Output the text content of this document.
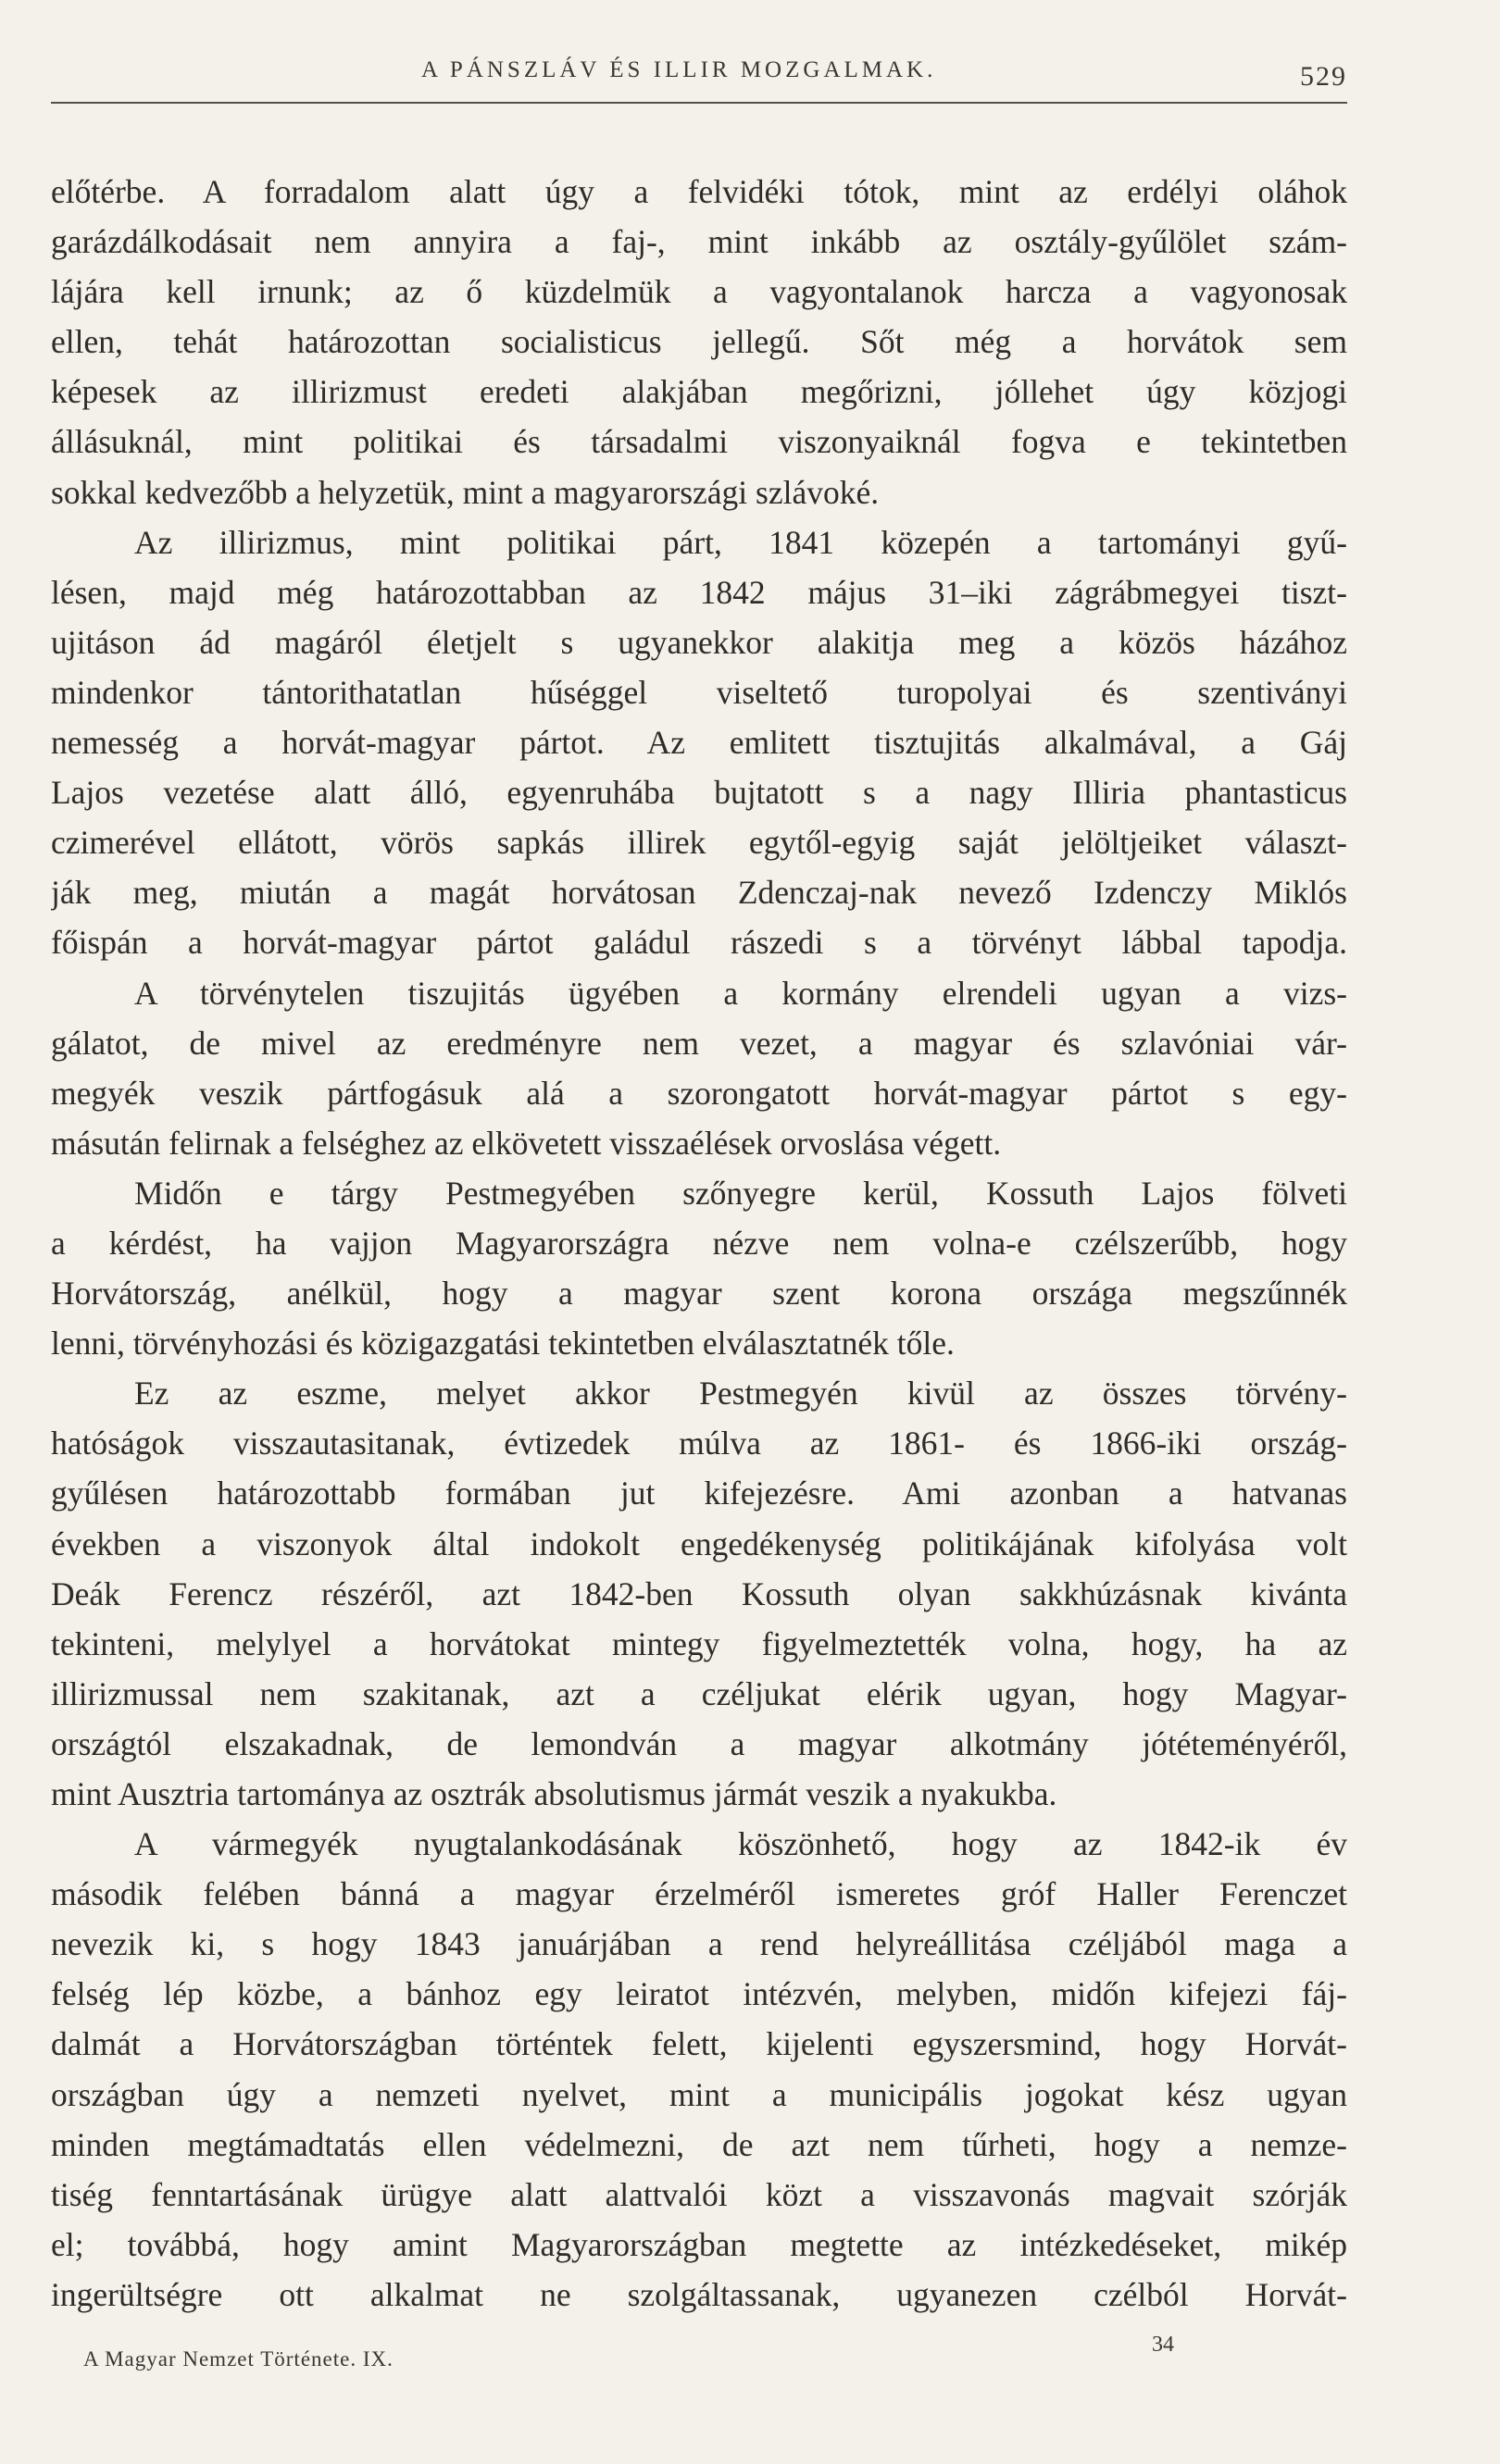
A PÁNSZLÁV ÉS ILLIR MOZGALMAK.	529
előtérbe. A forradalom alatt úgy a felvidéki tótok, mint az erdélyi oláhok
garázdálkodásait nem annyira a faj-, mint inkább az osztály-gyűlölet szám-
lájára kell irnunk; az ő küzdelmük a vagyontalanok harcza a vagyonosak
ellen, tehát határozottan socialisticus jellegű. Sőt még a horvátok sem
képesek az illirizmust eredeti alakjában megőrizni, jóllehet úgy közjogi
állásuknál, mint politikai és társadalmi viszonyaiknál fogva e tekintetben
sokkal kedvezőbb a helyzetük, mint a magyarországi szlávoké.
Az illirizmus, mint politikai párt, 1841 közepén a tartományi gyű-
lésen, majd még határozottabban az 1842 május 31–iki zágrábmegyei tiszt-
ujitáson ád magáról életjelt s ugyanekkor alakitja meg a közös házához
mindenkor tántorithatatlan hűséggel viseltető turopolyai és szentiványi
nemesség a horvát-magyar pártot. Az emlitett tisztujitás alkalmával, a Gáj
Lajos vezetése alatt álló, egyenruhába bujtatott s a nagy Illiria phantasticus
czimerével ellátott, vörös sapkás illirek egytől-egyig saját jelöltjeiket választ-
ják meg, miután a magát horvátosan Zdenczaj-nak nevező Izdenczy Miklós
főispán a horvát-magyar pártot galádul rászedi s a törvényt lábbal tapodja.
A törvénytelen tiszujitás ügyében a kormány elrendeli ugyan a vizs-
gálatot, de mivel az eredményre nem vezet, a magyar és szlavóniai vár-
megyék veszik pártfogásuk alá a szorongatott horvát-magyar pártot s egy-
másután felirnak a felséghez az elkövetett visszaélések orvoslása végett.
Midőn e tárgy Pestmegyében szőnyegre kerül, Kossuth Lajos fölveti
a kérdést, ha vajjon Magyarországra nézve nem volna-e czélszerűbb, hogy
Horvátország, anélkül, hogy a magyar szent korona országa megszűnnék
lenni, törvényhozási és közigazgatási tekintetben elválasztatnék tőle.
Ez az eszme, melyet akkor Pestmegyén kivül az összes törvény-
hatóságok visszautasitanak, évtizedek múlva az 1861- és 1866-iki ország-
gyűlésen határozottabb formában jut kifejezésre. Ami azonban a hatvanas
években a viszonyok által indokolt engedékenység politikájának kifolyása volt
Deák Ferencz részéről, azt 1842-ben Kossuth olyan sakkhúzásnak kivánta
tekinteni, melylyel a horvátokat mintegy figyelmeztették volna, hogy, ha az
illirizmussal nem szakitanak, azt a czéljukat elérik ugyan, hogy Magyar-
országtól elszakadnak, de lemondván a magyar alkotmány jótéteményéről,
mint Ausztria tartománya az osztrák absolutismus jármát veszik a nyakukba.
A vármegyék nyugtalankodásának köszönhető, hogy az 1842-ik év
második felében bánná a magyar érzelméről ismeretes gróf Haller Ferenczet
nevezik ki, s hogy 1843 januárjában a rend helyreállitása czéljából maga a
felség lép közbe, a bánhoz egy leiratot intézvén, melyben, midőn kifejezi fáj-
dalmát a Horvátországban történtek felett, kijelenti egyszersmind, hogy Horvát-
országban úgy a nemzeti nyelvet, mint a municipális jogokat kész ugyan
minden megtámadtatás ellen védelmezni, de azt nem tűrheti, hogy a nemze-
tiség fenntartásának ürügye alatt alattvalói közt a visszavonás magvait szórják
el; továbbá, hogy amint Magyarországban megtette az intézkedéseket, mikép
ingerültségre ott alkalmat ne szolgáltassanak, ugyanezen czélból Horvát-
A Magyar Nemzet Története. IX.
34
